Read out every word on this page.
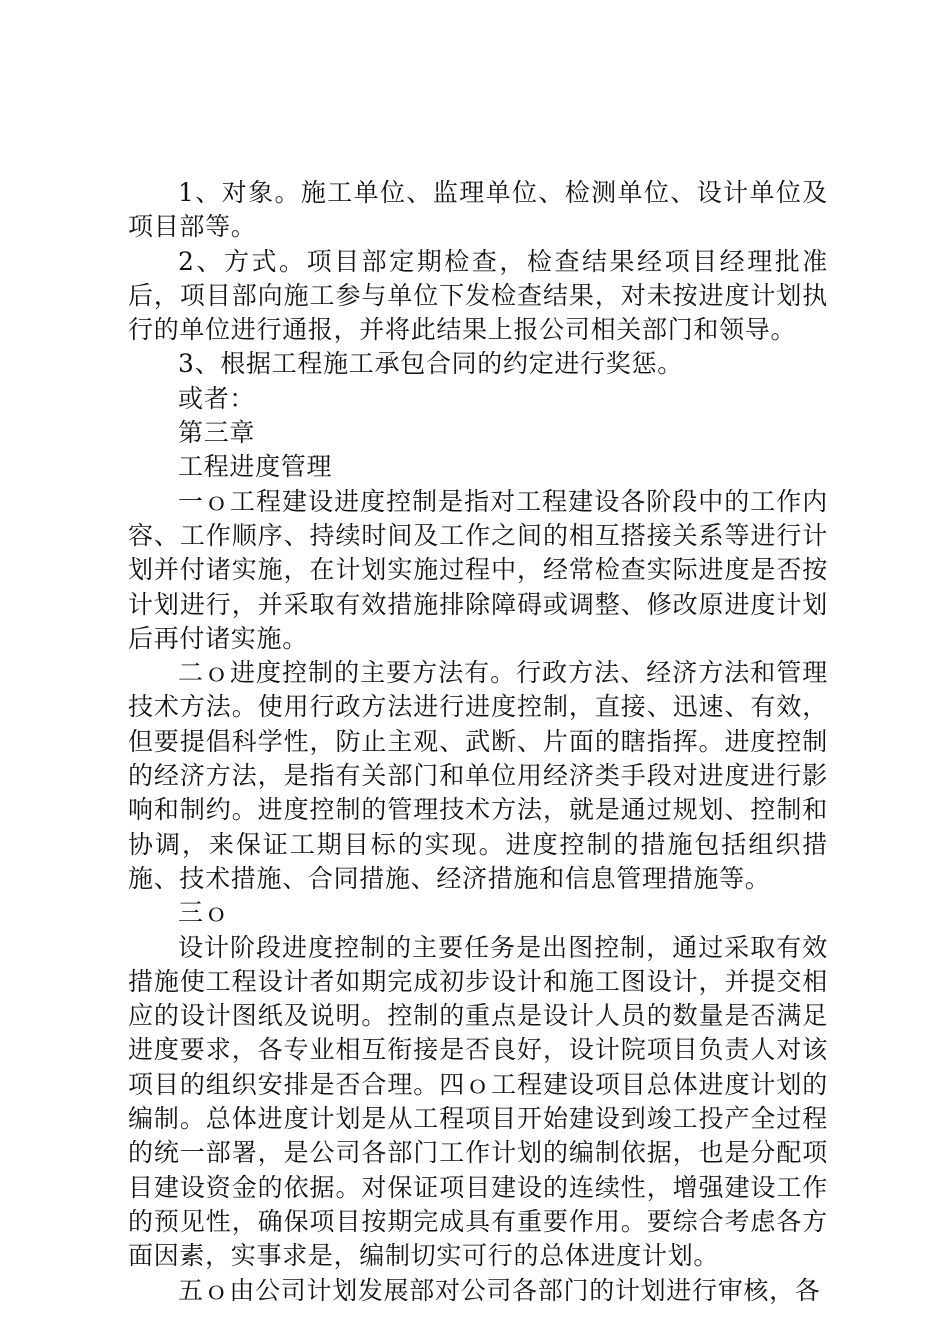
1、对象。施工单位、监理单位、检测单位、设计单位及项目部等。

2、方式。项目部定期检查，检查结果经项目经理批准后，项目部向施工参与单位下发检查结果，对未按进度计划执行的单位进行通报，并将此结果上报公司相关部门和领导。

3、根据工程施工承包合同的约定进行奖惩。

或者：

第三章

工程进度管理

一ｏ工程建设进度控制是指对工程建设各阶段中的工作内容、工作顺序、持续时间及工作之间的相互搭接关系等进行计划并付诸实施，在计划实施过程中，经常检查实际进度是否按计划进行，并采取有效措施排除障碍或调整、修改原进度计划后再付诸实施。

二ｏ进度控制的主要方法有。行政方法、经济方法和管理技术方法。使用行政方法进行进度控制，直接、迅速、有效，但要提倡科学性，防止主观、武断、片面的瞎指挥。进度控制的经济方法，是指有关部门和单位用经济类手段对进度进行影响和制约。进度控制的管理技术方法，就是通过规划、控制和协调，来保证工期目标的实现。进度控制的措施包括组织措施、技术措施、合同措施、经济措施和信息管理措施等。

三ｏ

设计阶段进度控制的主要任务是出图控制，通过采取有效措施使工程设计者如期完成初步设计和施工图设计，并提交相应的设计图纸及说明。控制的重点是设计人员的数量是否满足进度要求，各专业相互衔接是否良好，设计院项目负责人对该项目的组织安排是否合理。四ｏ工程建设项目总体进度计划的编制。总体进度计划是从工程项目开始建设到竣工投产全过程的统一部署，是公司各部门工作计划的编制依据，也是分配项目建设资金的依据。对保证项目建设的连续性，增强建设工作的预见性，确保项目按期完成具有重要作用。要综合考虑各方面因素，实事求是，编制切实可行的总体进度计划。

五ｏ由公司计划发展部对公司各部门的计划进行审核，各
